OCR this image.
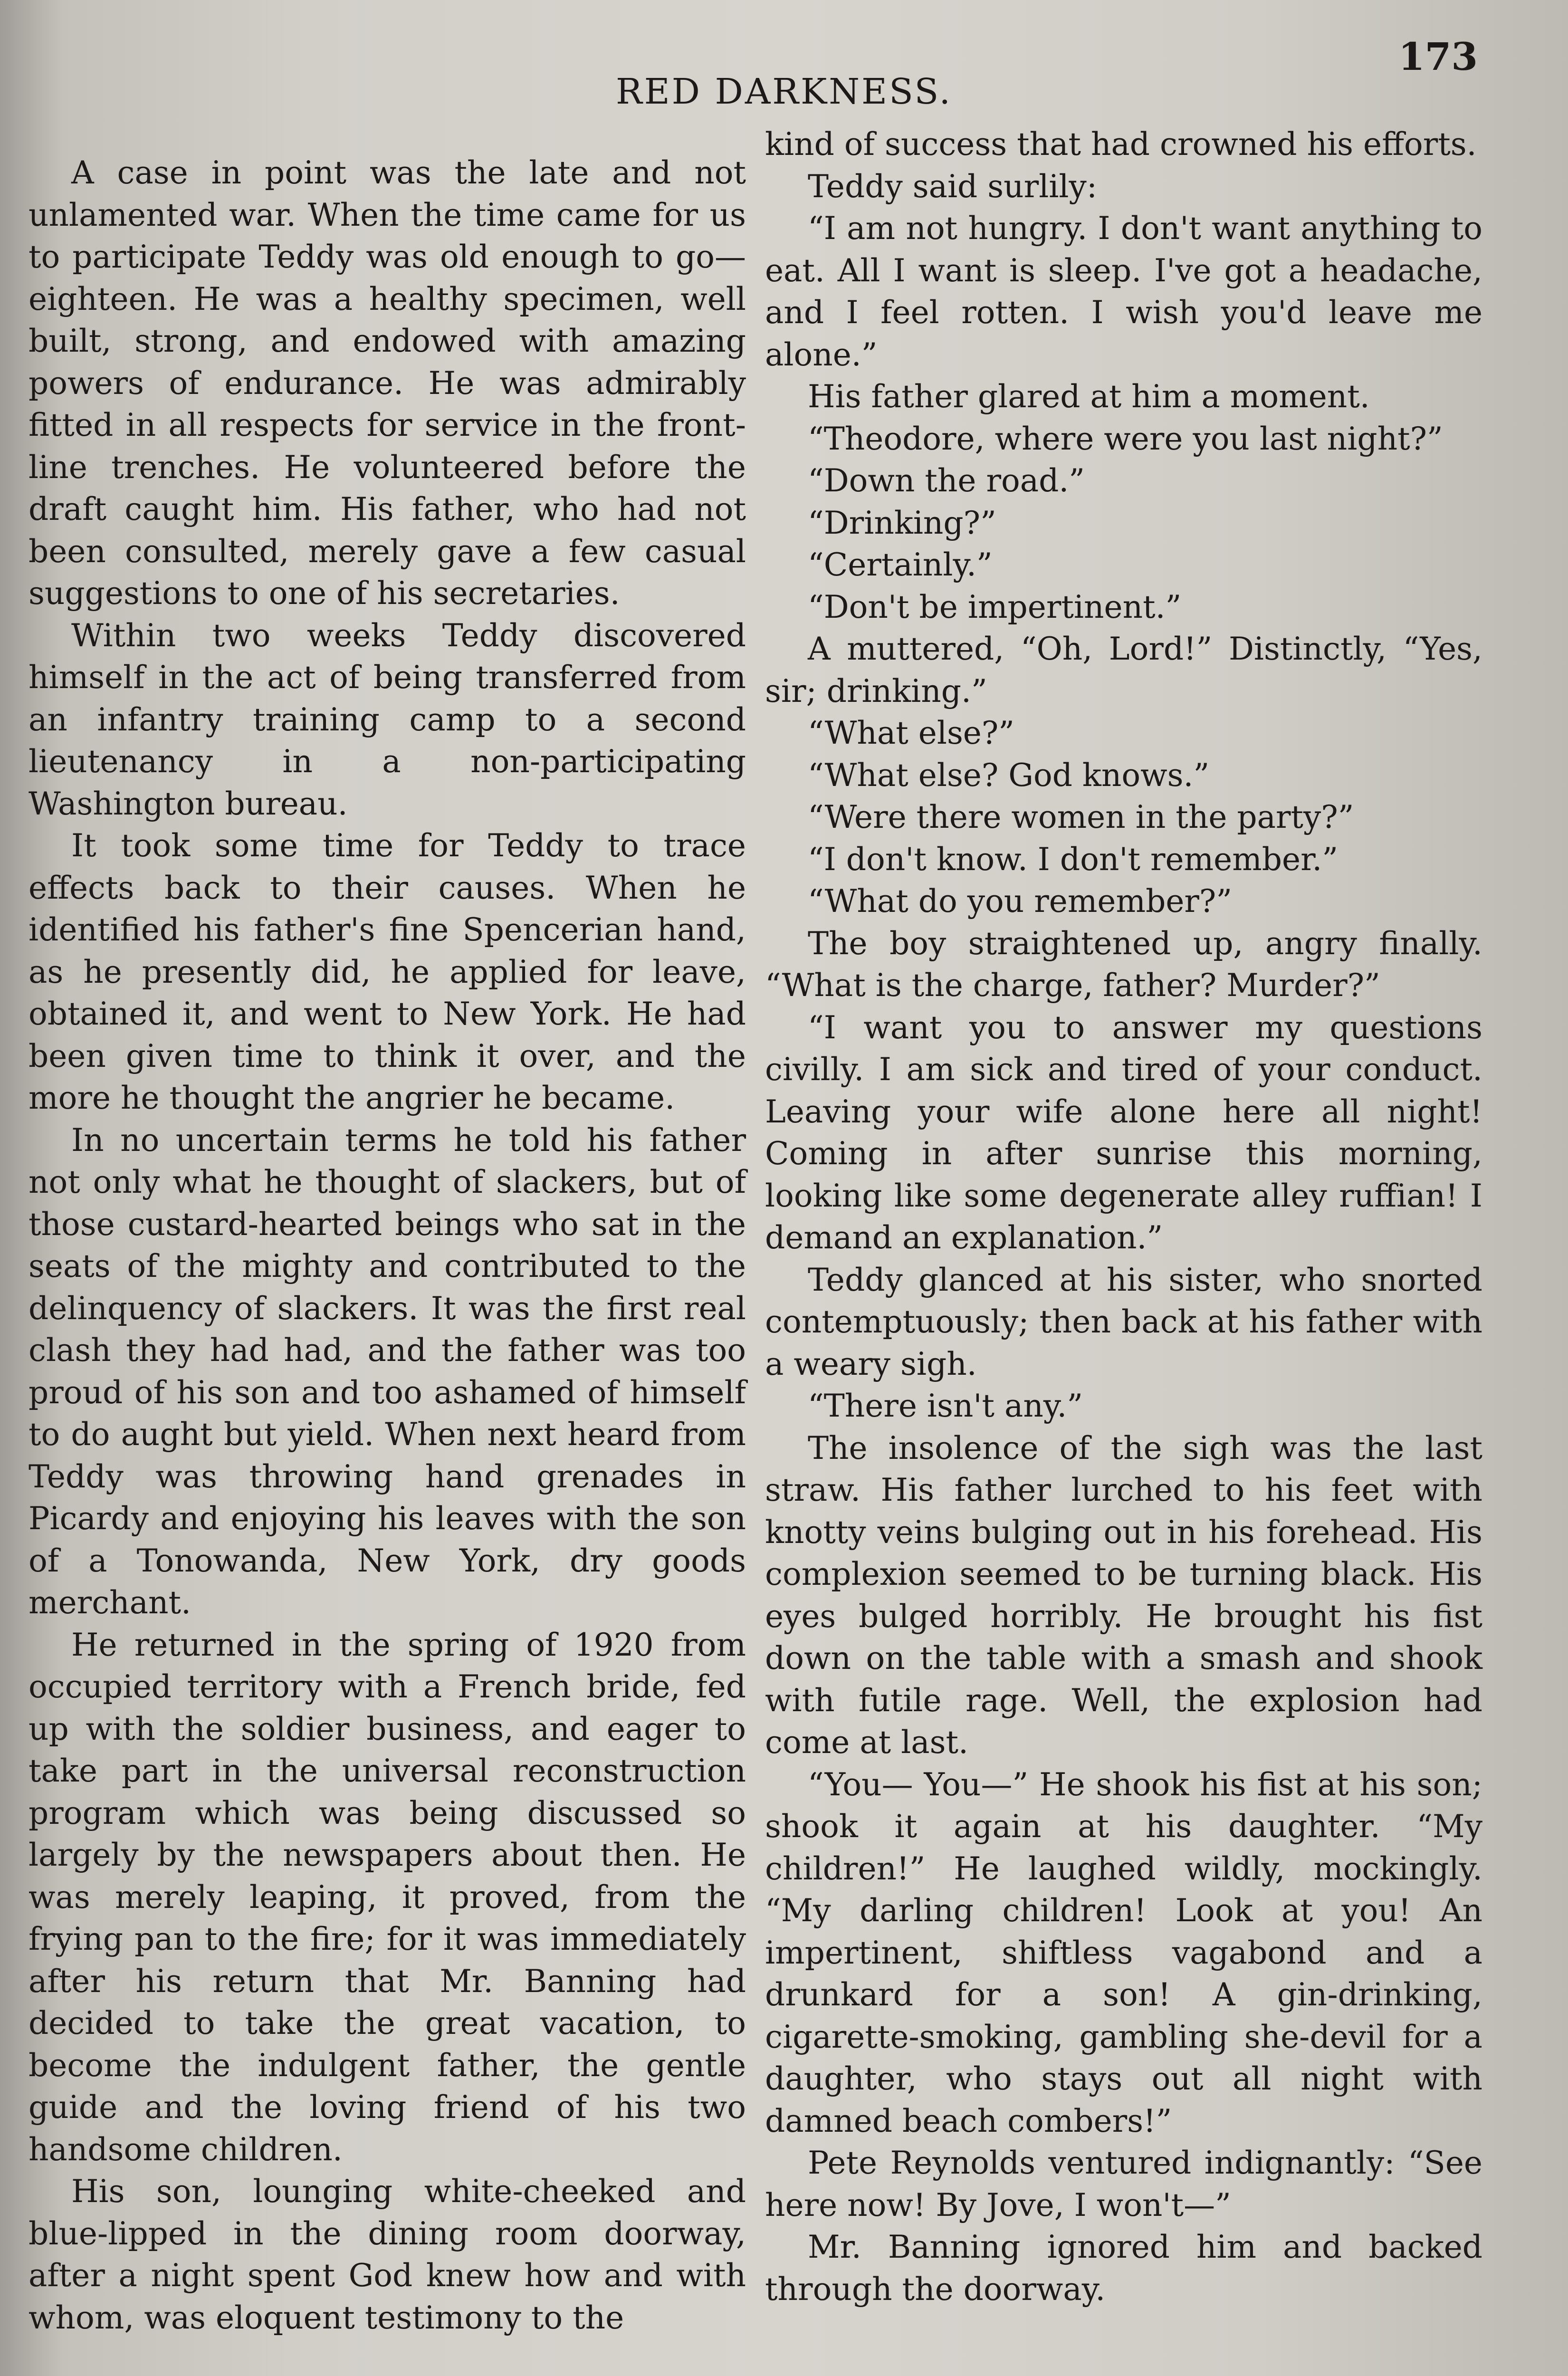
RED DARKNESS.
173

A case in point was the late and not unlamented war. When the time came for us to participate Teddy was old enough to go—eighteen. He was a healthy specimen, well built, strong, and endowed with amazing powers of endurance. He was admirably fitted in all respects for service in the front-line trenches. He volunteered before the draft caught him. His father, who had not been consulted, merely gave a few casual suggestions to one of his secretaries.

Within two weeks Teddy discovered himself in the act of being transferred from an infantry training camp to a second lieutenancy in a non-participating Washington bureau.

It took some time for Teddy to trace effects back to their causes. When he identified his father's fine Spencerian hand, as he presently did, he applied for leave, obtained it, and went to New York. He had been given time to think it over, and the more he thought the angrier he became.

In no uncertain terms he told his father not only what he thought of slackers, but of those custard-hearted beings who sat in the seats of the mighty and contributed to the delinquency of slackers. It was the first real clash they had had, and the father was too proud of his son and too ashamed of himself to do aught but yield. When next heard from Teddy was throwing hand grenades in Picardy and enjoying his leaves with the son of a Tonowanda, New York, dry goods merchant.

He returned in the spring of 1920 from occupied territory with a French bride, fed up with the soldier business, and eager to take part in the universal reconstruction program which was being discussed so largely by the newspapers about then. He was merely leaping, it proved, from the frying pan to the fire; for it was immediately after his return that Mr. Banning had decided to take the great vacation, to become the indulgent father, the gentle guide and the loving friend of his two handsome children.

His son, lounging white-cheeked and blue-lipped in the dining room doorway, after a night spent God knew how and with whom, was eloquent testimony to the

kind of success that had crowned his efforts.

Teddy said surlily:

“I am not hungry. I don't want anything to eat. All I want is sleep. I've got a headache, and I feel rotten. I wish you'd leave me alone.”

His father glared at him a moment.

“Theodore, where were you last night?”

“Down the road.”

“Drinking?”

“Certainly.”

“Don't be impertinent.”

A muttered, “Oh, Lord!” Distinctly, “Yes, sir; drinking.”

“What else?”

“What else? God knows.”

“Were there women in the party?”

“I don't know. I don't remember.”

“What do you remember?”

The boy straightened up, angry finally. “What is the charge, father? Murder?”

“I want you to answer my questions civilly. I am sick and tired of your conduct. Leaving your wife alone here all night! Coming in after sunrise this morning, looking like some degenerate alley ruffian! I demand an explanation.”

Teddy glanced at his sister, who snorted contemptuously; then back at his father with a weary sigh.

“There isn't any.”

The insolence of the sigh was the last straw. His father lurched to his feet with knotty veins bulging out in his forehead. His complexion seemed to be turning black. His eyes bulged horribly. He brought his fist down on the table with a smash and shook with futile rage. Well, the explosion had come at last.

“You— You—” He shook his fist at his son; shook it again at his daughter. “My children!” He laughed wildly, mockingly. “My darling children! Look at you! An impertinent, shiftless vagabond and a drunkard for a son! A gin-drinking, cigarette-smoking, gambling she-devil for a daughter, who stays out all night with damned beach combers!”

Pete Reynolds ventured indignantly: “See here now! By Jove, I won't—”

Mr. Banning ignored him and backed through the doorway.
